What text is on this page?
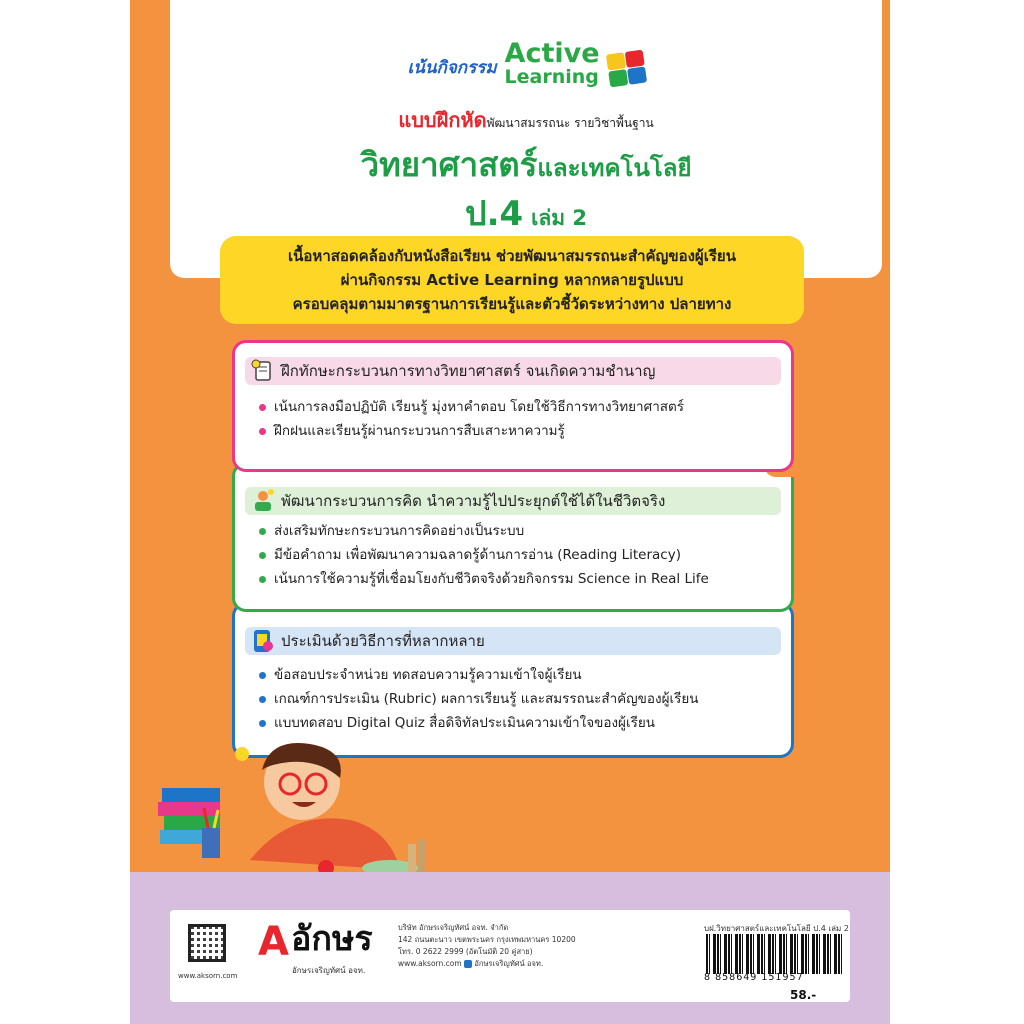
เน้นกิจกรรม Active
Learning
แบบฝึกหัดพัฒนาสมรรถนะ รายวิชาพื้นฐาน
วิทยาศาสตร์และเทคโนโลยี
ป.4 เล่ม 2
เนื้อหาสอดคล้องกับหนังสือเรียน ช่วยพัฒนาสมรรถนะสำคัญของผู้เรียน
ผ่านกิจกรรม Active Learning หลากหลายรูปแบบ
ครอบคลุมตามมาตรฐานการเรียนรู้และตัวชี้วัดระหว่างทาง ปลายทาง
ประเมินด้วยวิธีการที่หลากหลาย
ข้อสอบประจำหน่วย ทดสอบความรู้ความเข้าใจผู้เรียน
เกณฑ์การประเมิน (Rubric) ผลการเรียนรู้ และสมรรถนะสำคัญของผู้เรียน
แบบทดสอบ Digital Quiz สื่อดิจิทัลประเมินความเข้าใจของผู้เรียน
พัฒนากระบวนการคิด นำความรู้ไปประยุกต์ใช้ได้ในชีวิตจริง
ส่งเสริมทักษะกระบวนการคิดอย่างเป็นระบบ
มีข้อคำถาม เพื่อพัฒนาความฉลาดรู้ด้านการอ่าน (Reading Literacy)
เน้นการใช้ความรู้ที่เชื่อมโยงกับชีวิตจริงด้วยกิจกรรม Science in Real Life
ฝึกทักษะกระบวนการทางวิทยาศาสตร์ จนเกิดความชำนาญ
เน้นการลงมือปฏิบัติ เรียนรู้ มุ่งหาคำตอบ โดยใช้วิธีการทางวิทยาศาสตร์
ฝึกฝนและเรียนรู้ผ่านกระบวนการสืบเสาะหาความรู้
www.aksorn.com
A อักษร
อักษรเจริญทัศน์ อจท.
บริษัท อักษรเจริญทัศน์ อจท. จำกัด
142 ถนนตะนาว เขตพระนคร กรุงเทพมหานคร 10200
โทร. 0 2622 2999 (อัตโนมัติ 20 คู่สาย)
www.aksorn.com อักษรเจริญทัศน์ อจท.
บฝ.วิทยาศาสตร์และเทคโนโลยี ป.4 เล่ม 2
8 858649 151957
58.-
